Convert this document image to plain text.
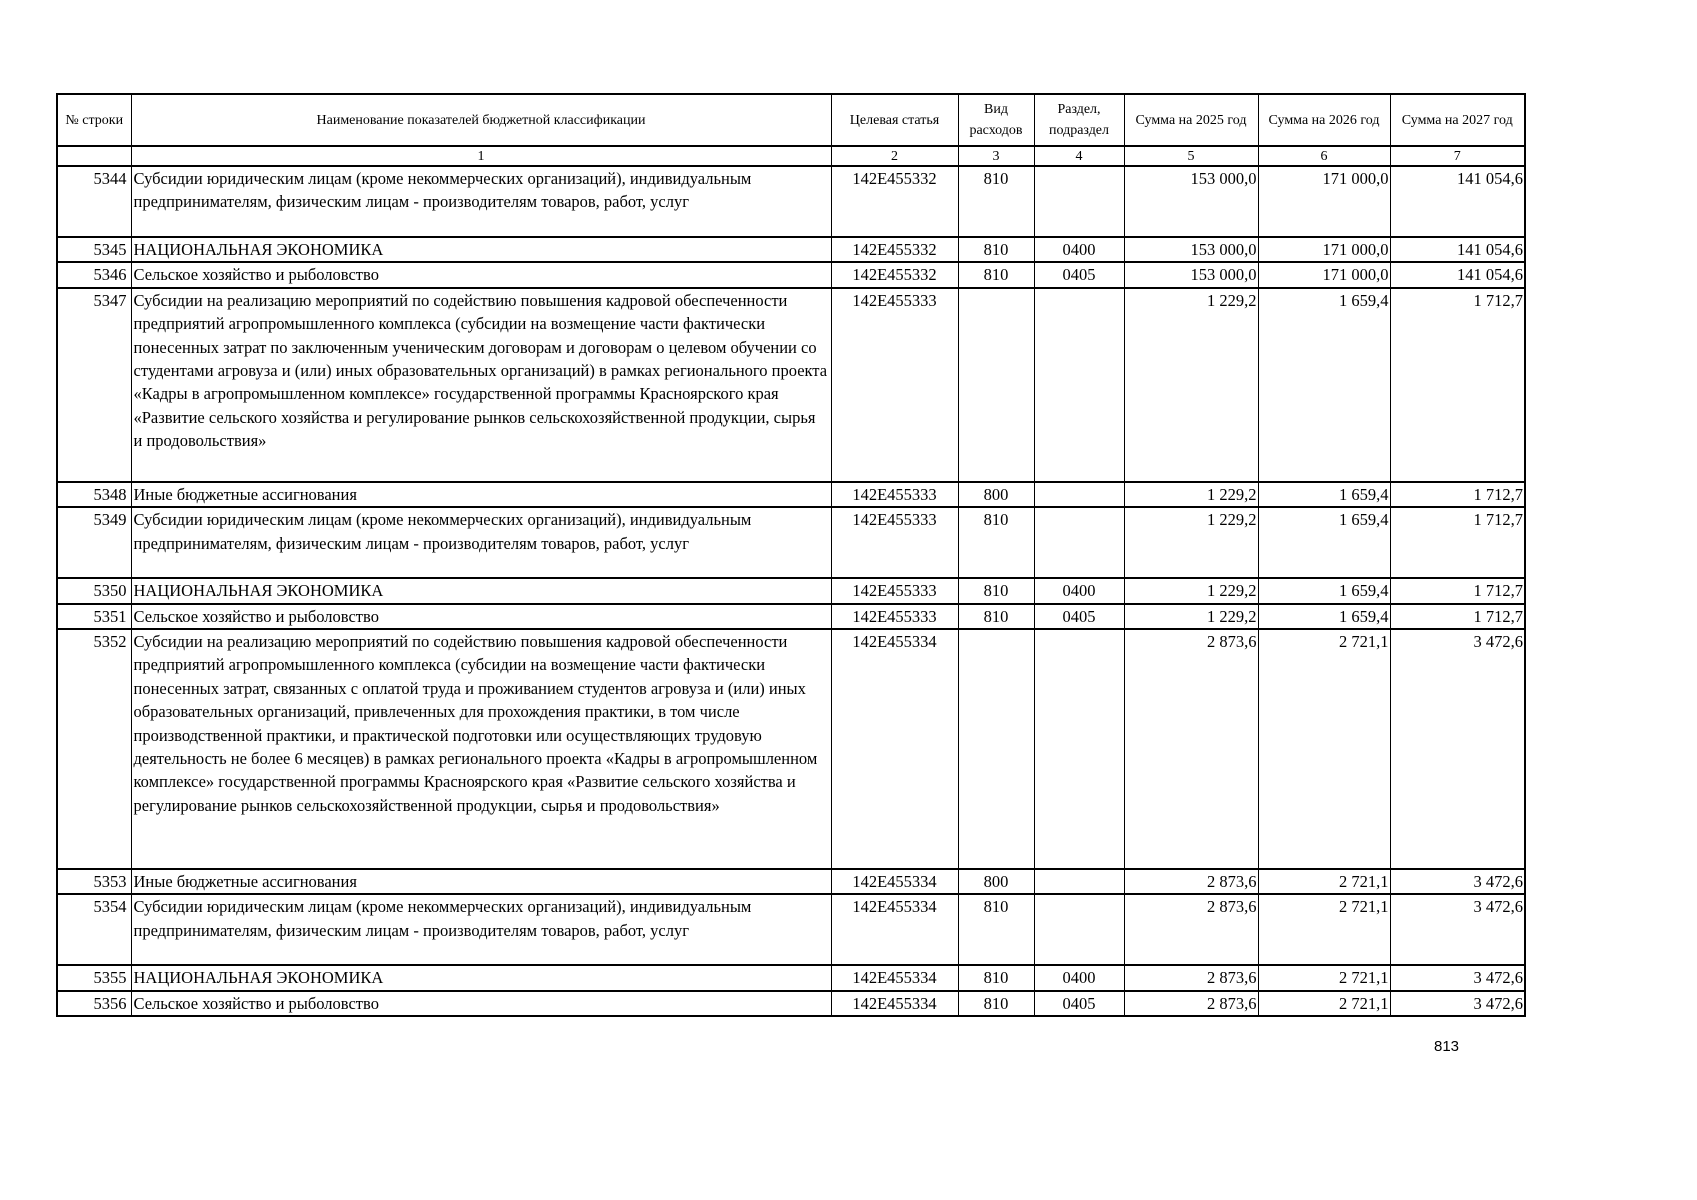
№ строки	Наименование показателей бюджетной классификации	Целевая статья	Вид расходов	Раздел, подраздел	Сумма на 2025 год	Сумма на 2026 год	Сумма на 2027 год
	1	2	3	4	5	6	7
5344	Субсидии юридическим лицам (кроме некоммерческих организаций), индивидуальным предпринимателям, физическим лицам - производителям товаров, работ, услуг	142Е455332	810		153 000,0	171 000,0	141 054,6
5345	НАЦИОНАЛЬНАЯ ЭКОНОМИКА	142Е455332	810	0400	153 000,0	171 000,0	141 054,6
5346	Сельское хозяйство и рыболовство	142Е455332	810	0405	153 000,0	171 000,0	141 054,6
5347	Субсидии на реализацию мероприятий по содействию повышения кадровой обеспеченности предприятий агропромышленного комплекса (субсидии на возмещение части фактически понесенных затрат по заключенным ученическим договорам и договорам о целевом обучении со студентами агровуза и (или) иных образовательных организаций) в рамках регионального проекта «Кадры в агропромышленном комплексе» государственной программы Красноярского края «Развитие сельского хозяйства и регулирование рынков сельскохозяйственной продукции, сырья и продовольствия»	142Е455333			1 229,2	1 659,4	1 712,7
5348	Иные бюджетные ассигнования	142Е455333	800		1 229,2	1 659,4	1 712,7
5349	Субсидии юридическим лицам (кроме некоммерческих организаций), индивидуальным предпринимателям, физическим лицам - производителям товаров, работ, услуг	142Е455333	810		1 229,2	1 659,4	1 712,7
5350	НАЦИОНАЛЬНАЯ ЭКОНОМИКА	142Е455333	810	0400	1 229,2	1 659,4	1 712,7
5351	Сельское хозяйство и рыболовство	142Е455333	810	0405	1 229,2	1 659,4	1 712,7
5352	Субсидии на реализацию мероприятий по содействию повышения кадровой обеспеченности предприятий агропромышленного комплекса (субсидии на возмещение части фактически понесенных затрат, связанных с оплатой труда и проживанием студентов агровуза и (или) иных образовательных организаций, привлеченных для прохождения практики, в том числе производственной практики, и практической подготовки или осуществляющих трудовую деятельность не более 6 месяцев) в рамках регионального проекта «Кадры в агропромышленном комплексе» государственной программы Красноярского края «Развитие сельского хозяйства и регулирование рынков сельскохозяйственной продукции, сырья и продовольствия»	142Е455334			2 873,6	2 721,1	3 472,6
5353	Иные бюджетные ассигнования	142Е455334	800		2 873,6	2 721,1	3 472,6
5354	Субсидии юридическим лицам (кроме некоммерческих организаций), индивидуальным предпринимателям, физическим лицам - производителям товаров, работ, услуг	142Е455334	810		2 873,6	2 721,1	3 472,6
5355	НАЦИОНАЛЬНАЯ ЭКОНОМИКА	142Е455334	810	0400	2 873,6	2 721,1	3 472,6
5356	Сельское хозяйство и рыболовство	142Е455334	810	0405	2 873,6	2 721,1	3 472,6
813
